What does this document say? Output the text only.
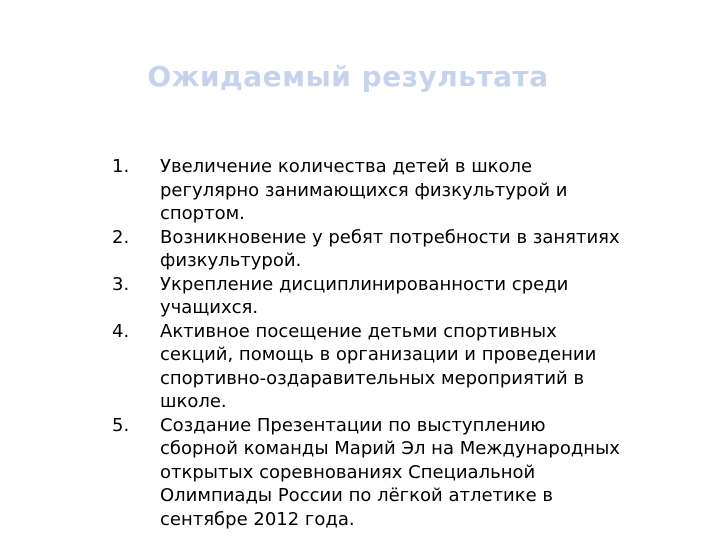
Ожидаемый результата
1.	Увеличение количества детей в школе регулярно занимающихся физкультурой и спортом.
2.	Возникновение у ребят потребности в занятиях физкультурой.
3.	Укрепление дисциплинированности среди учащихся.
4.	Активное посещение детьми спортивных секций, помощь в организации и проведении спортивно-оздаравительных мероприятий в школе.
5.	Создание Презентации по выступлению сборной команды Марий Эл на Международных открытых соревнованиях Специальной Олимпиады России по лёгкой атлетике в сентябре 2012 года.
